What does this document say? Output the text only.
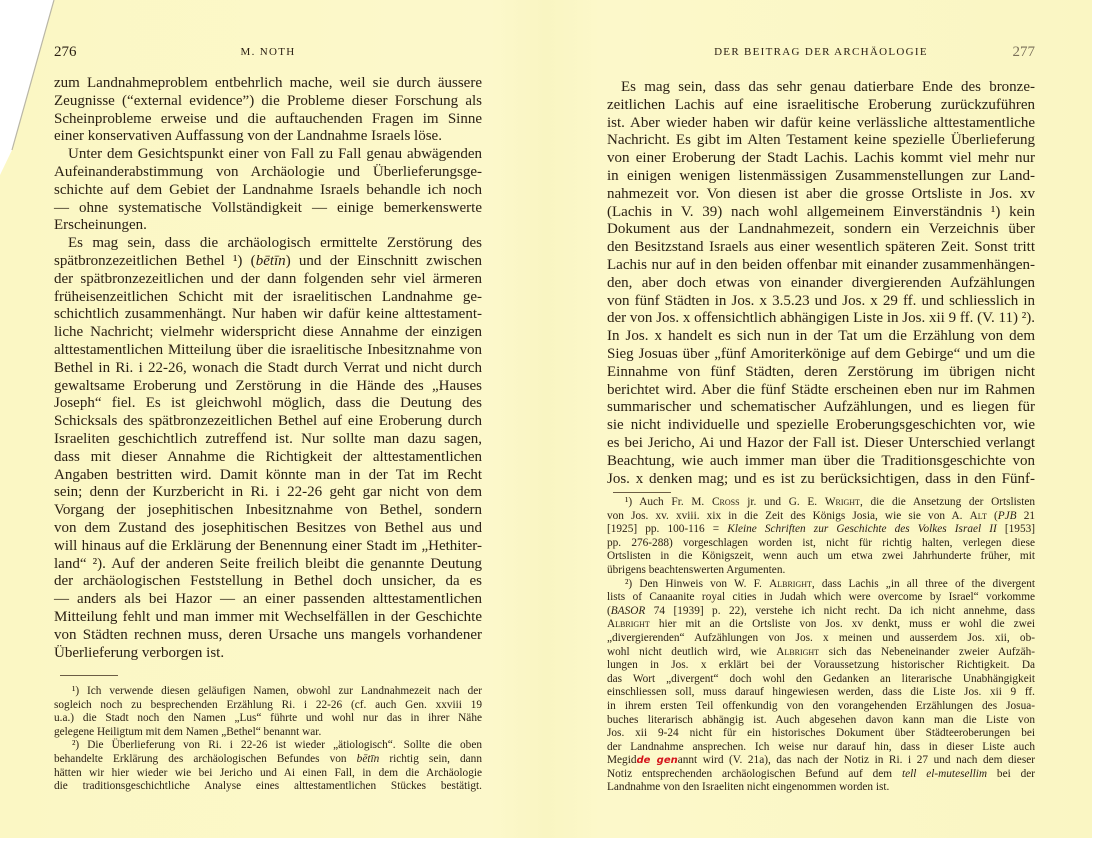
276	M. NOTH
zum Landnahmeproblem entbehrlich mache, weil sie durch äussere
Zeugnisse (“external evidence”) die Probleme dieser Forschung als
Scheinprobleme erweise und die auftauchenden Fragen im Sinne
einer konservativen Auffassung von der Landnahme Israels löse.
Unter dem Gesichtspunkt einer von Fall zu Fall genau abwägenden
Aufeinanderabstimmung von Archäologie und Überlieferungsge-
schichte auf dem Gebiet der Landnahme Israels behandle ich noch
— ohne systematische Vollständigkeit — einige bemerkenswerte
Erscheinungen.
Es mag sein, dass die archäologisch ermittelte Zerstörung des
spätbronzezeitlichen Bethel ¹) (bētīn) und der Einschnitt zwischen
der spätbronzezeitlichen und der dann folgenden sehr viel ärmeren
früheisenzeitlichen Schicht mit der israelitischen Landnahme ge-
schichtlich zusammenhängt. Nur haben wir dafür keine alttestament-
liche Nachricht; vielmehr widerspricht diese Annahme der einzigen
alttestamentlichen Mitteilung über die israelitische Inbesitznahme von
Bethel in Ri. i 22-26, wonach die Stadt durch Verrat und nicht durch
gewaltsame Eroberung und Zerstörung in die Hände des „Hauses
Joseph“ fiel. Es ist gleichwohl möglich, dass die Deutung des
Schicksals des spätbronzezeitlichen Bethel auf eine Eroberung durch
Israeliten geschichtlich zutreffend ist. Nur sollte man dazu sagen,
dass mit dieser Annahme die Richtigkeit der alttestamentlichen
Angaben bestritten wird. Damit könnte man in der Tat im Recht
sein; denn der Kurzbericht in Ri. i 22-26 geht gar nicht von dem
Vorgang der josephitischen Inbesitznahme von Bethel, sondern
von dem Zustand des josephitischen Besitzes von Bethel aus und
will hinaus auf die Erklärung der Benennung einer Stadt im „Hethiter-
land“ ²). Auf der anderen Seite freilich bleibt die genannte Deutung
der archäologischen Feststellung in Bethel doch unsicher, da es
— anders als bei Hazor — an einer passenden alttestamentlichen
Mitteilung fehlt und man immer mit Wechselfällen in der Geschichte
von Städten rechnen muss, deren Ursache uns mangels vorhandener
Überlieferung verborgen ist.
¹) Ich verwende diesen geläufigen Namen, obwohl zur Landnahmezeit nach der
sogleich noch zu besprechenden Erzählung Ri. i 22-26 (cf. auch Gen. xxviii 19
u.a.) die Stadt noch den Namen „Lus“ führte und wohl nur das in ihrer Nähe
gelegene Heiligtum mit dem Namen „Bethel“ benannt war.
²) Die Überlieferung von Ri. i 22-26 ist wieder „ätiologisch“. Sollte die oben
behandelte Erklärung des archäologischen Befundes von bētīn richtig sein, dann
hätten wir hier wieder wie bei Jericho und Ai einen Fall, in dem die Archäologie
die traditionsgeschichtliche Analyse eines alttestamentlichen Stückes bestätigt.
DER BEITRAG DER ARCHÄOLOGIE	277
Es mag sein, dass das sehr genau datierbare Ende des bronze-
zeitlichen Lachis auf eine israelitische Eroberung zurückzuführen
ist. Aber wieder haben wir dafür keine verlässliche alttestamentliche
Nachricht. Es gibt im Alten Testament keine spezielle Überlieferung
von einer Eroberung der Stadt Lachis. Lachis kommt viel mehr nur
in einigen wenigen listenmässigen Zusammenstellungen zur Land-
nahmezeit vor. Von diesen ist aber die grosse Ortsliste in Jos. xv
(Lachis in V. 39) nach wohl allgemeinem Einverständnis ¹) kein
Dokument aus der Landnahmezeit, sondern ein Verzeichnis über
den Besitzstand Israels aus einer wesentlich späteren Zeit. Sonst tritt
Lachis nur auf in den beiden offenbar mit einander zusammenhängen-
den, aber doch etwas von einander divergierenden Aufzählungen
von fünf Städten in Jos. x 3.5.23 und Jos. x 29 ff. und schliesslich in
der von Jos. x offensichtlich abhängigen Liste in Jos. xii 9 ff. (V. 11) ²).
In Jos. x handelt es sich nun in der Tat um die Erzählung von dem
Sieg Josuas über „fünf Amoriterkönige auf dem Gebirge“ und um die
Einnahme von fünf Städten, deren Zerstörung im übrigen nicht
berichtet wird. Aber die fünf Städte erscheinen eben nur im Rahmen
summarischer und schematischer Aufzählungen, und es liegen für
sie nicht individuelle und spezielle Eroberungsgeschichten vor, wie
es bei Jericho, Ai und Hazor der Fall ist. Dieser Unterschied verlangt
Beachtung, wie auch immer man über die Traditionsgeschichte von
Jos. x denken mag; und es ist zu berücksichtigen, dass in den Fünf-
¹) Auch Fr. M. Cross jr. und G. E. Wright, die die Ansetzung der Ortslisten
von Jos. xv. xviii. xix in die Zeit des Königs Josia, wie sie von A. Alt (PJB 21
[1925] pp. 100-116 = Kleine Schriften zur Geschichte des Volkes Israel II [1953]
pp. 276-288) vorgeschlagen worden ist, nicht für richtig halten, verlegen diese
Ortslisten in die Königszeit, wenn auch um etwa zwei Jahrhunderte früher, mit
übrigens beachtenswerten Argumenten.
²) Den Hinweis von W. F. Albright, dass Lachis „in all three of the divergent
lists of Canaanite royal cities in Judah which were overcome by Israel“ vorkomme
(BASOR 74 [1939] p. 22), verstehe ich nicht recht. Da ich nicht annehme, dass
Albright hier mit an die Ortsliste von Jos. xv denkt, muss er wohl die zwei
„divergierenden“ Aufzählungen von Jos. x meinen und ausserdem Jos. xii, ob-
wohl nicht deutlich wird, wie Albright sich das Nebeneinander zweier Aufzäh-
lungen in Jos. x erklärt bei der Voraussetzung historischer Richtigkeit. Da
das Wort „divergent“ doch wohl den Gedanken an literarische Unabhängigkeit
einschliessen soll, muss darauf hingewiesen werden, dass die Liste Jos. xii 9 ff.
in ihrem ersten Teil offenkundig von den vorangehenden Erzählungen des Josua-
buches literarisch abhängig ist. Auch abgesehen davon kann man die Liste von
Jos. xii 9-24 nicht für ein historisches Dokument über Städteeroberungen bei
der Landnahme ansprechen. Ich weise nur darauf hin, dass in dieser Liste auch
Megidde genannt wird (V. 21a), das nach der Notiz in Ri. i 27 und nach dem dieser
Notiz entsprechenden archäologischen Befund auf dem tell el-mutesellim bei der
Landnahme von den Israeliten nicht eingenommen worden ist.
